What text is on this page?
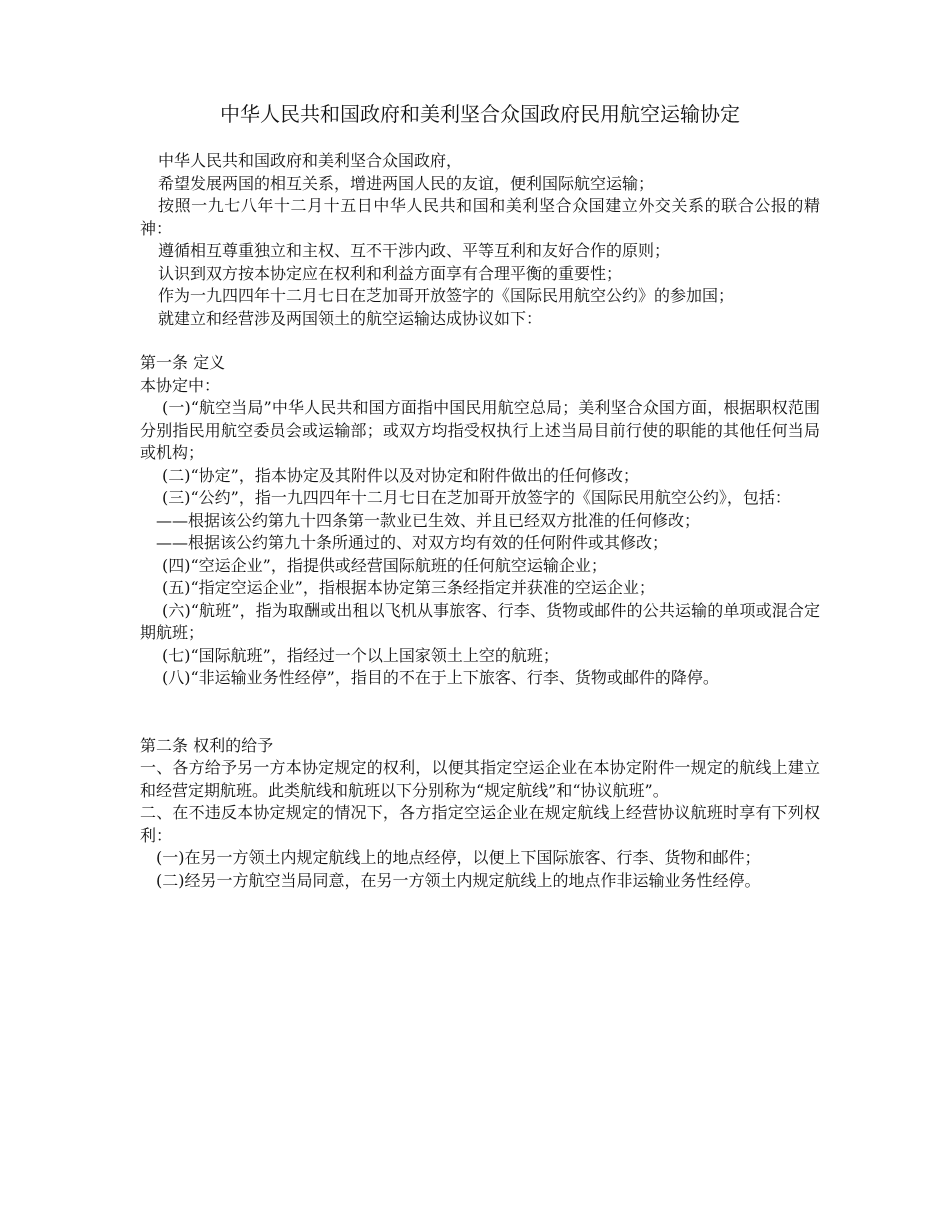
中华人民共和国政府和美利坚合众国政府民用航空运输协定

中华人民共和国政府和美利坚合众国政府，

希望发展两国的相互关系，增进两国人民的友谊，便利国际航空运输；

按照一九七八年十二月十五日中华人民共和国和美利坚合众国建立外交关系的联合公报的精神：

遵循相互尊重独立和主权、互不干涉内政、平等互利和友好合作的原则；

认识到双方按本协定应在权利和利益方面享有合理平衡的重要性；

作为一九四四年十二月七日在芝加哥开放签字的《国际民用航空公约》的参加国；

就建立和经营涉及两国领土的航空运输达成协议如下：

第一条 定义

本协定中：

(一)“航空当局”中华人民共和国方面指中国民用航空总局；美利坚合众国方面，根据职权范围分别指民用航空委员会或运输部；或双方均指受权执行上述当局目前行使的职能的其他任何当局或机构；

(二)“协定”，指本协定及其附件以及对协定和附件做出的任何修改；

(三)“公约”，指一九四四年十二月七日在芝加哥开放签字的《国际民用航空公约》，包括：

——根据该公约第九十四条第一款业已生效、并且已经双方批准的任何修改；

——根据该公约第九十条所通过的、对双方均有效的任何附件或其修改；

(四)“空运企业”，指提供或经营国际航班的任何航空运输企业；

(五)“指定空运企业”，指根据本协定第三条经指定并获准的空运企业；

(六)“航班”，指为取酬或出租以飞机从事旅客、行李、货物或邮件的公共运输的单项或混合定期航班；

(七)“国际航班”，指经过一个以上国家领土上空的航班；

(八)“非运输业务性经停”，指目的不在于上下旅客、行李、货物或邮件的降停。

第二条 权利的给予

一、各方给予另一方本协定规定的权利，以便其指定空运企业在本协定附件一规定的航线上建立和经营定期航班。此类航线和航班以下分别称为“规定航线”和“协议航班”。

二、在不违反本协定规定的情况下，各方指定空运企业在规定航线上经营协议航班时享有下列权利：

(一)在另一方领土内规定航线上的地点经停，以便上下国际旅客、行李、货物和邮件；

(二)经另一方航空当局同意，在另一方领土内规定航线上的地点作非运输业务性经停。
